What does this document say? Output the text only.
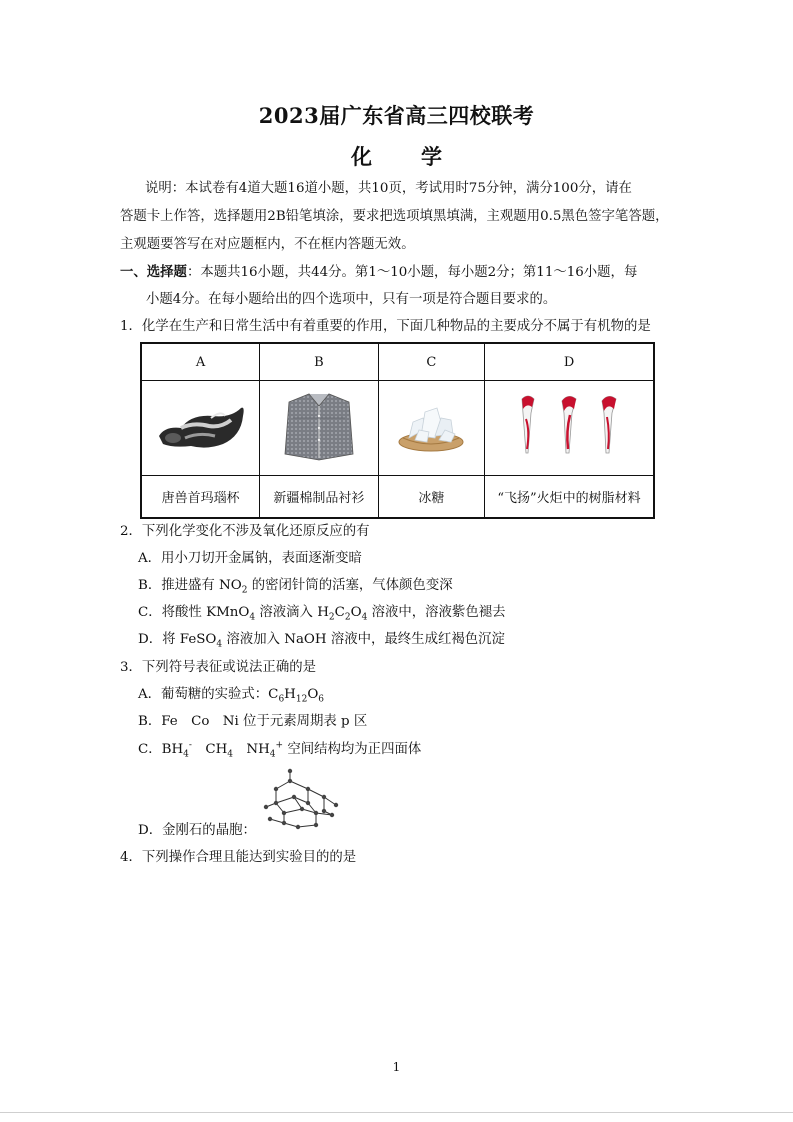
2023届广东省高三四校联考
化　学
说明：本试卷有4道大题16道小题，共10页，考试用时75分钟，满分100分，请在
答题卡上作答，选择题用2B铅笔填涂，要求把选项填黑填满，主观题用0.5黑色签字笔答题，
主观题要答写在对应题框内，不在框内答题无效。
一、选择题：本题共16小题，共44分。第1～10小题，每小题2分；第11～16小题，每
小题4分。在每小题给出的四个选项中，只有一项是符合题目要求的。
1．化学在生产和日常生活中有着重要的作用，下面几种物品的主要成分不属于有机物的是
A	B	C	D

唐兽首玛瑙杯	新疆棉制品衬衫	冰糖	“飞扬”火炬中的树脂材料
2．下列化学变化不涉及氧化还原反应的有
A．用小刀切开金属钠，表面逐渐变暗
B．推进盛有 $NO_2$ 的密闭针筒的活塞，气体颜色变深
C．将酸性 KMnO$_4$ 溶液滴入 $H_2C_2O_4$ 溶液中，溶液紫色褪去
D．将 FeSO$_4$ 溶液加入 NaOH 溶液中，最终生成红褐色沉淀
3．下列符号表征或说法正确的是
A．葡萄糖的实验式：$C_6H_{12}O_6$
B．Fe　Co　Ni 位于元素周期表 p 区
C．$BH_4^-$　$CH_4$　$NH_4^+$ 空间结构均为正四面体
D．金刚石的晶胞：
4．下列操作合理且能达到实验目的的是
1
